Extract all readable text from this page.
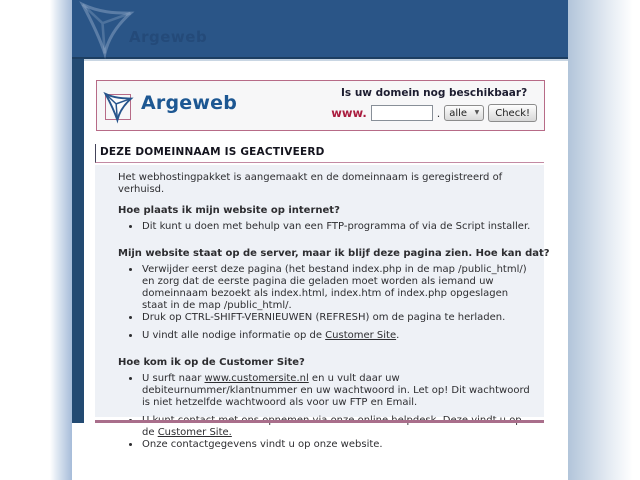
Argeweb
Argeweb	Is uw domein nog beschikbaar?
www.	. alle ▼	Check!
DEZE DOMEINNAAM IS GEACTIVEERD

Het webhostingpakket is aangemaakt en de domeinnaam is geregistreerd of verhuisd.

Hoe plaats ik mijn website op internet?
• Dit kunt u doen met behulp van een FTP-programma of via de Script installer.
Mijn website staat op de server, maar ik blijf deze pagina zien. Hoe kan dat?
• Verwijder eerst deze pagina (het bestand index.php in de map /public_html/) en zorg dat de eerste pagina die geladen moet worden als iemand uw domeinnaam bezoekt als index.html, index.htm of index.php opgeslagen staat in de map /public_html/.
• Druk op CTRL-SHIFT-VERNIEUWEN (REFRESH) om de pagina te herladen.
• U vindt alle nodige informatie op de Customer Site.
Hoe kom ik op de Customer Site?
• U surft naar www.customersite.nl en u vult daar uw debiteurnummer/klantnummer en uw wachtwoord in. Let op! Dit wachtwoord is niet hetzelfde wachtwoord als voor uw FTP en Email.
• de Customer Site.
• Onze contactgegevens vindt u op onze website.
